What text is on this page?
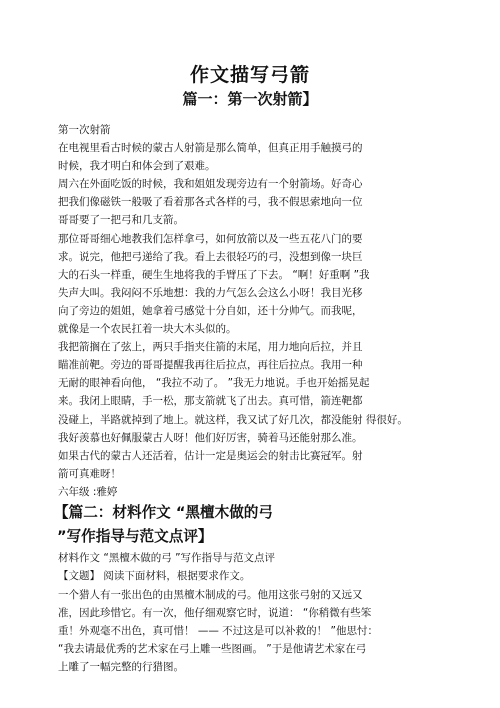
作文描写弓箭
篇一：第一次射箭】
第一次射箭
在电视里看古时候的蒙古人射箭是那么简单，但真正用手触摸弓的
时候，我才明白和体会到了艰难。
周六在外面吃饭的时候，我和姐姐发现旁边有一个射箭场。好奇心
把我们像磁铁一般吸了看着那各式各样的弓，我不假思索地向一位
哥哥要了一把弓和几支箭。
那位哥哥细心地教我们怎样拿弓，如何放箭以及一些五花八门的要
求。说完，他把弓递给了我。看上去很轻巧的弓，没想到像一块巨
大的石头一样重，硬生生地将我的手臂压了下去。 “啊！好重啊 ”我
失声大叫。我闷闷不乐地想：我的力气怎么会这么小呀！我目光移
向了旁边的姐姐，她拿着弓感觉十分自如，还十分帅气。而我呢，
就像是一个农民扛着一块大木头似的。
我把箭搁在了弦上，两只手指夹住箭的末尾，用力地向后拉，并且
瞄准前靶。旁边的哥哥提醒我再往后拉点，再往后拉点。我用一种
无耐的眼神看向他， “我拉不动了。 ”我无力地说。手也开始摇晃起
来。我闭上眼睛，手一松，那支箭就飞了出去。真可惜，箭连靶都
没碰上，半路就掉到了地上。就这样，我又试了好几次，都没能射 得很好。
我好羡慕也好佩服蒙古人呀！他们好厉害，骑着马还能射那么准。
如果古代的蒙古人还活着，估计一定是奥运会的射击比赛冠军。射
箭可真难呀！
六年级 :雅婷
【篇二：材料作文 “黑檀木做的弓
”写作指导与范文点评】
材料作文 “黑檀木做的弓 ”写作指导与范文点评
【文题】 阅读下面材料，根据要求作文。
一个猎人有一张出色的由黑檀木制成的弓。他用这张弓射的又远又
准，因此珍惜它。有一次，他仔细观察它时，说道： “你稍微有些笨
重！外观毫不出色，真可惜！ —— 不过这是可以补救的！ ”他思忖：
“我去请最优秀的艺术家在弓上雕一些图画。 ”于是他请艺术家在弓
上雕了一幅完整的行猎图。
